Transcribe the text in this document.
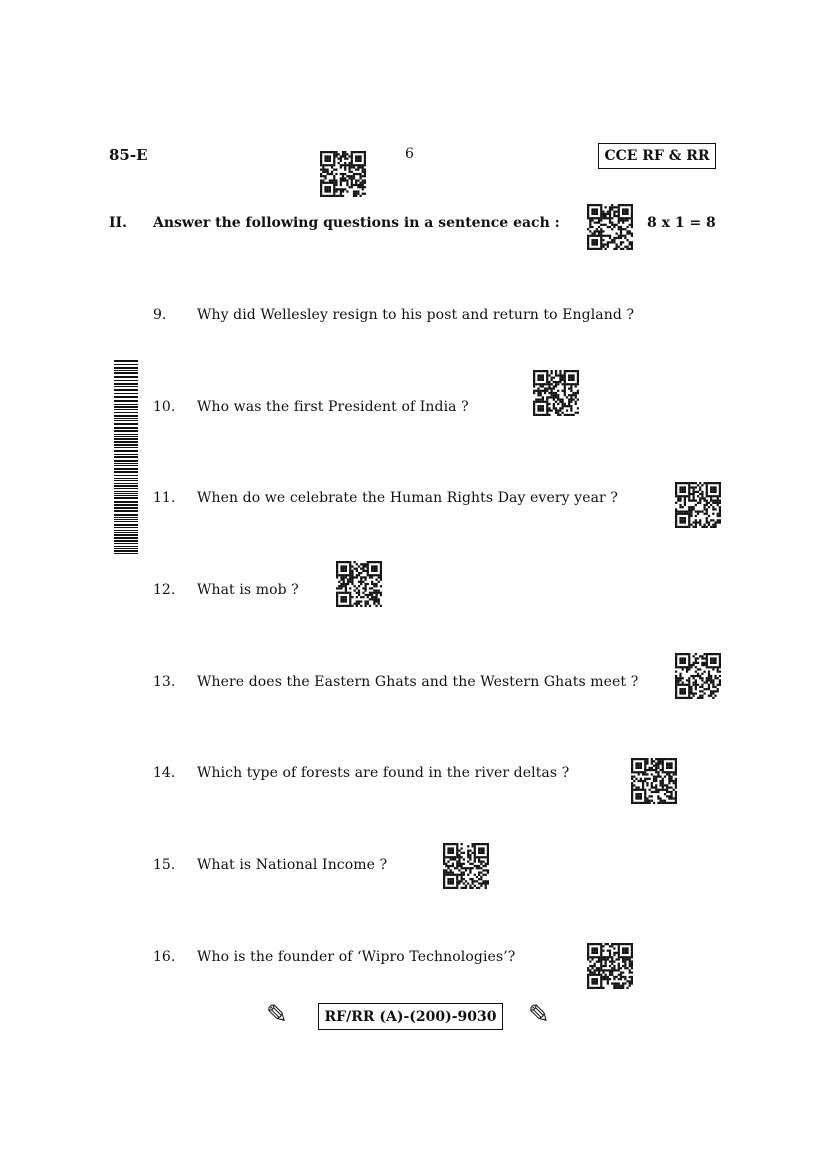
85-E	6	CCE RF & RR
II. Answer the following questions in a sentence each :	8 x 1 = 8
9. Why did Wellesley resign to his post and return to England ?
10. Who was the first President of India ?
11. When do we celebrate the Human Rights Day every year ?
12. What is mob ?
13. Where does the Eastern Ghats and the Western Ghats meet ?
14. Which type of forests are found in the river deltas ?
15. What is National Income ?
16. Who is the founder of ‘Wipro Technologies’?
✎	RF/RR (A)-(200)-9030 ✎
